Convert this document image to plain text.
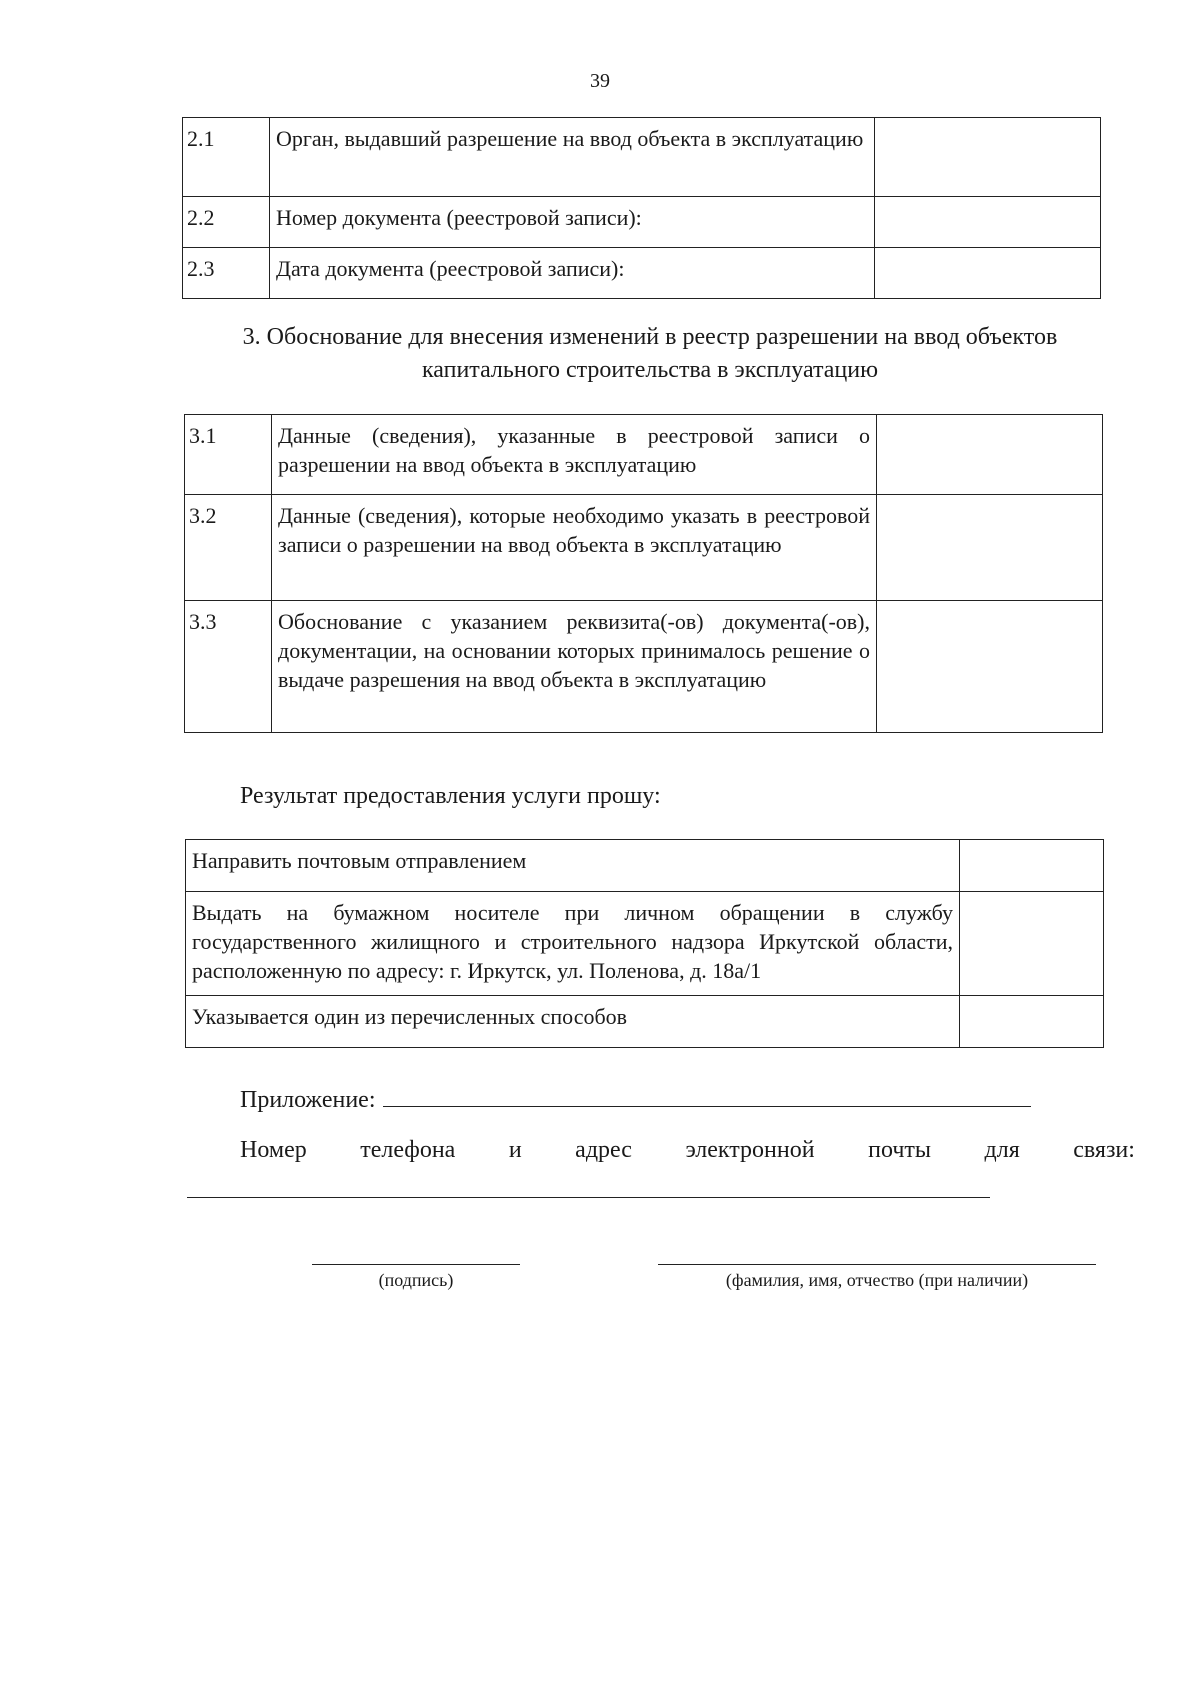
39
2.1	Орган, выдавший разрешение на ввод объекта в эксплуатацию	
2.2	Номер документа (реестровой записи):	
2.3	Дата документа (реестровой записи):	
3. Обоснование для внесения изменений в реестр разрешении на ввод объектов капитального строительства в эксплуатацию
3.1	Данные (сведения), указанные в реестровой записи о разрешении на ввод объекта в эксплуатацию	
3.2	Данные (сведения), которые необходимо указать в реестровой записи о разрешении на ввод объекта в эксплуатацию	
3.3	Обоснование с указанием реквизита(-ов) документа(-ов), документации, на основании которых принималось решение о выдаче разрешения на ввод объекта в эксплуатацию	
Результат предоставления услуги прошу:
Направить почтовым отправлением	
Выдать на бумажном носителе при личном обращении в службу государственного жилищного и строительного надзора Иркутской области, расположенную по адресу: г. Иркутск, ул. Поленова, д. 18а/1	
Указывается один из перечисленных способов	
Приложение:
Номер телефона и адрес электронной почты для связи:
(подпись)	(фамилия, имя, отчество (при наличии)
